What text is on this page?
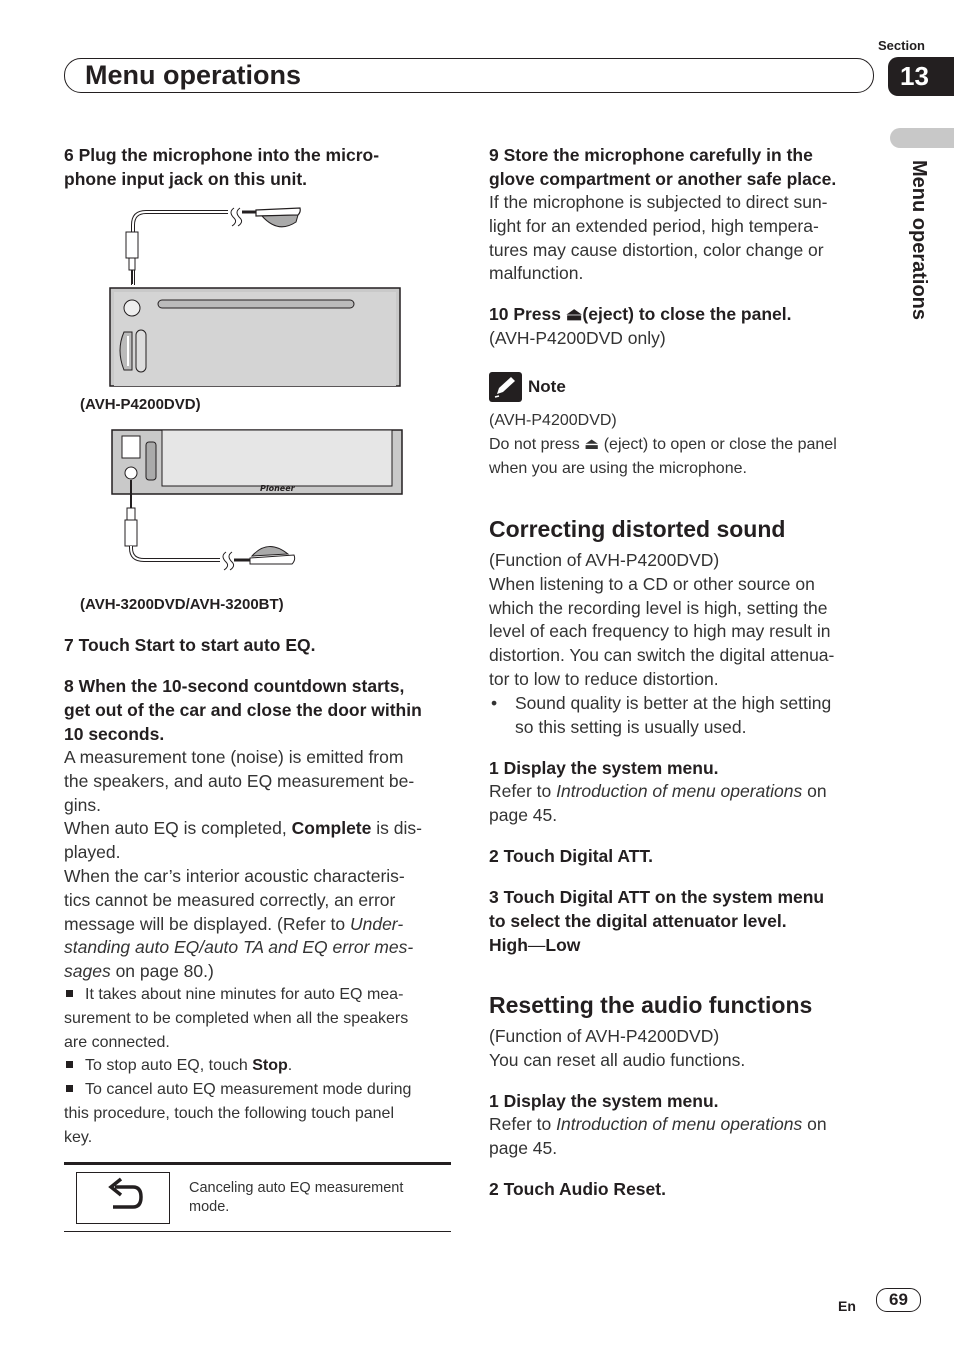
Section
13
Menu operations
Menu operations
6 Plug the microphone into the micro-
phone input jack on this unit.
(AVH-P4200DVD)
Pioneer
(AVH-3200DVD/AVH-3200BT)
7 Touch Start to start auto EQ.
8 When the 10-second countdown starts,
get out of the car and close the door within
10 seconds.
A measurement tone (noise) is emitted from
the speakers, and auto EQ measurement be-
gins.
When auto EQ is completed, Complete is dis-
played.
When the car’s interior acoustic characteris-
tics cannot be measured correctly, an error
message will be displayed. (Refer to Under-
standing auto EQ/auto TA and EQ error mes-
sages on page 80.)
It takes about nine minutes for auto EQ mea-
surement to be completed when all the speakers
are connected.
To stop auto EQ, touch Stop.
To cancel auto EQ measurement mode during
this procedure, touch the following touch panel
key.
Canceling auto EQ measurement
mode.
9 Store the microphone carefully in the
glove compartment or another safe place.
If the microphone is subjected to direct sun-
light for an extended period, high tempera-
tures may cause distortion, color change or
malfunction.
10 Press ⏏(eject) to close the panel.
(AVH-P4200DVD only)
Note
(AVH-P4200DVD)
Do not press ⏏ (eject) to open or close the panel
when you are using the microphone.
Correcting distorted sound
(Function of AVH-P4200DVD)
When listening to a CD or other source on
which the recording level is high, setting the
level of each frequency to high may result in
distortion. You can switch the digital attenua-
tor to low to reduce distortion.
• Sound quality is better at the high setting
so this setting is usually used.
1 Display the system menu.
Refer to Introduction of menu operations on
page 45.
2 Touch Digital ATT.
3 Touch Digital ATT on the system menu
to select the digital attenuator level.
High—Low
Resetting the audio functions
(Function of AVH-P4200DVD)
You can reset all audio functions.
1 Display the system menu.
Refer to Introduction of menu operations on
page 45.
2 Touch Audio Reset.
En	69
